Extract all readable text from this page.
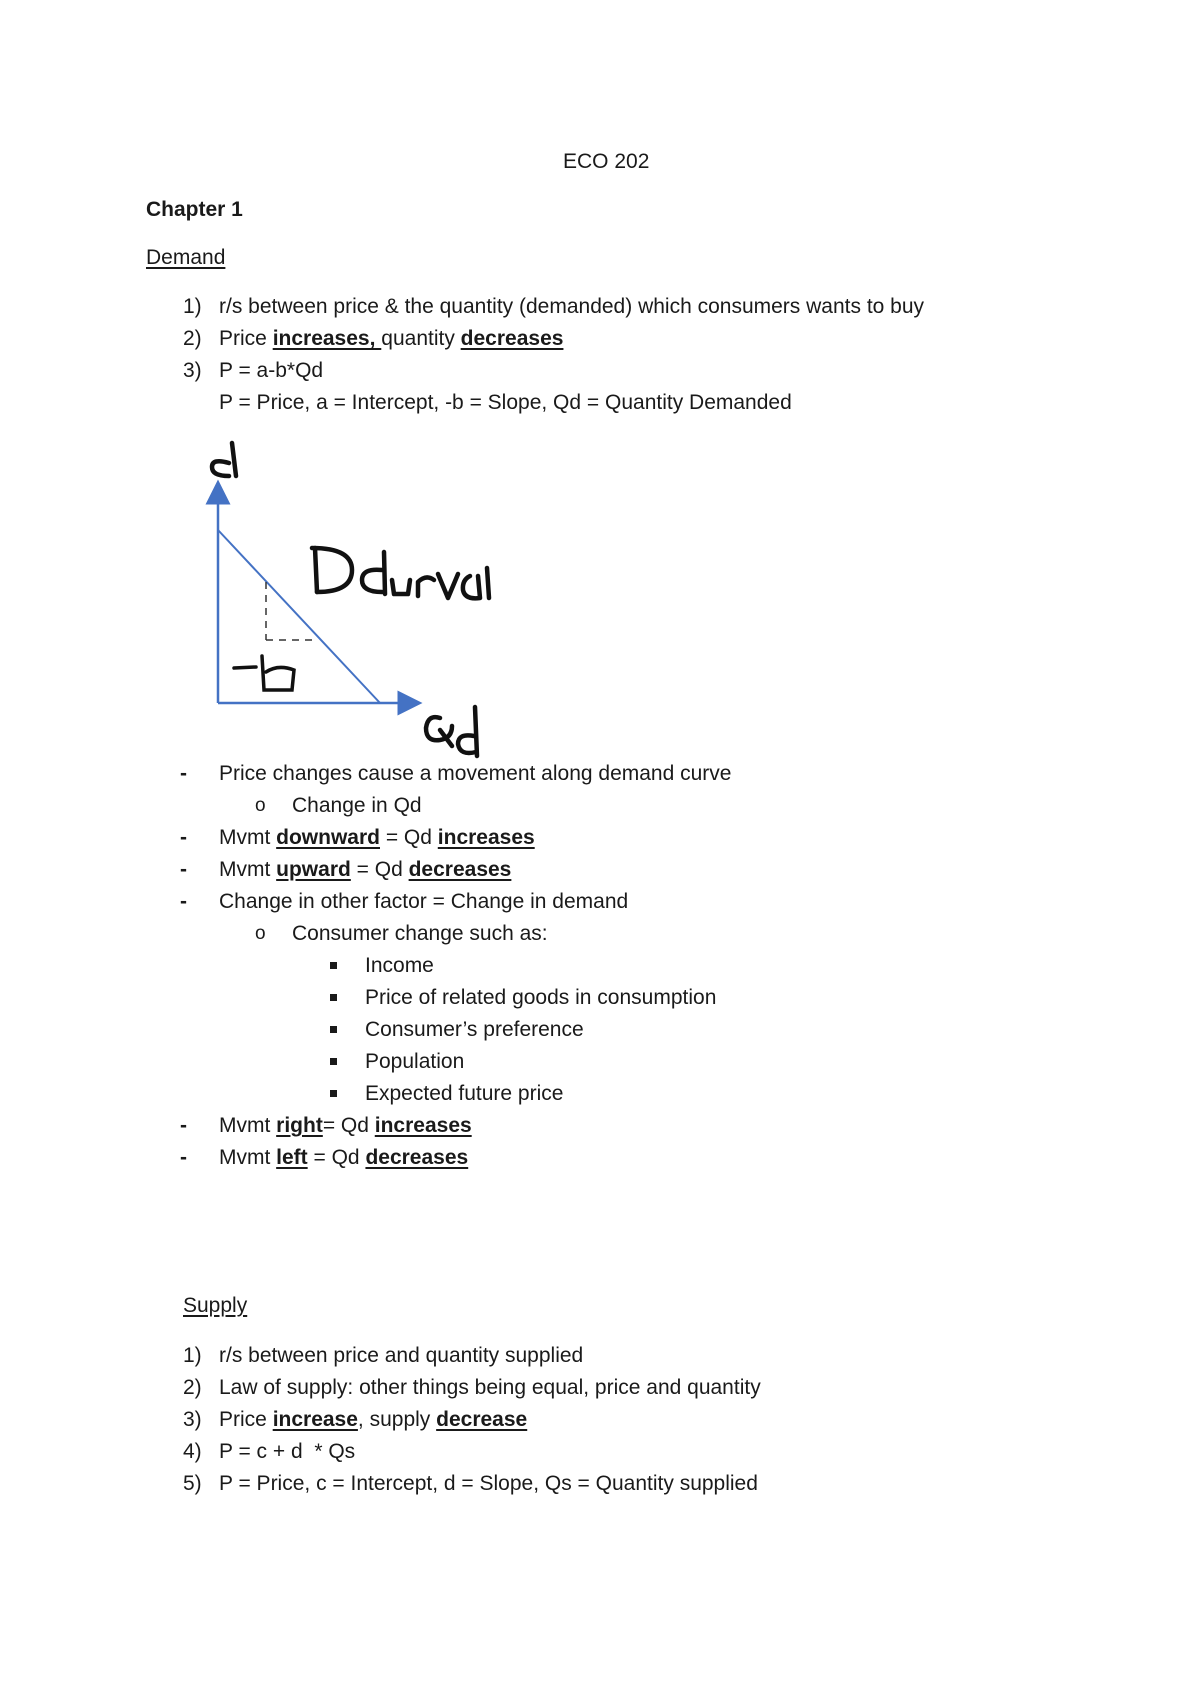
ECO 202
Chapter 1
Demand
1) r/s between price & the quantity (demanded) which consumers wants to buy
2) Price increases, quantity decreases
3) P = a-b*Qd
P = Price, a = Intercept, -b = Slope, Qd = Quantity Demanded
- Price changes cause a movement along demand curve
o Change in Qd
- Mvmt downward = Qd increases
- Mvmt upward = Qd decreases
- Change in other factor = Change in demand
o Consumer change such as:
Income
Price of related goods in consumption
Consumer’s preference
Population
Expected future price
- Mvmt right= Qd increases
- Mvmt left = Qd decreases
Supply
1) r/s between price and quantity supplied
2) Law of supply: other things being equal, price and quantity
3) Price increase, supply decrease
4) P = c + d  * Qs
5) P = Price, c = Intercept, d = Slope, Qs = Quantity supplied
